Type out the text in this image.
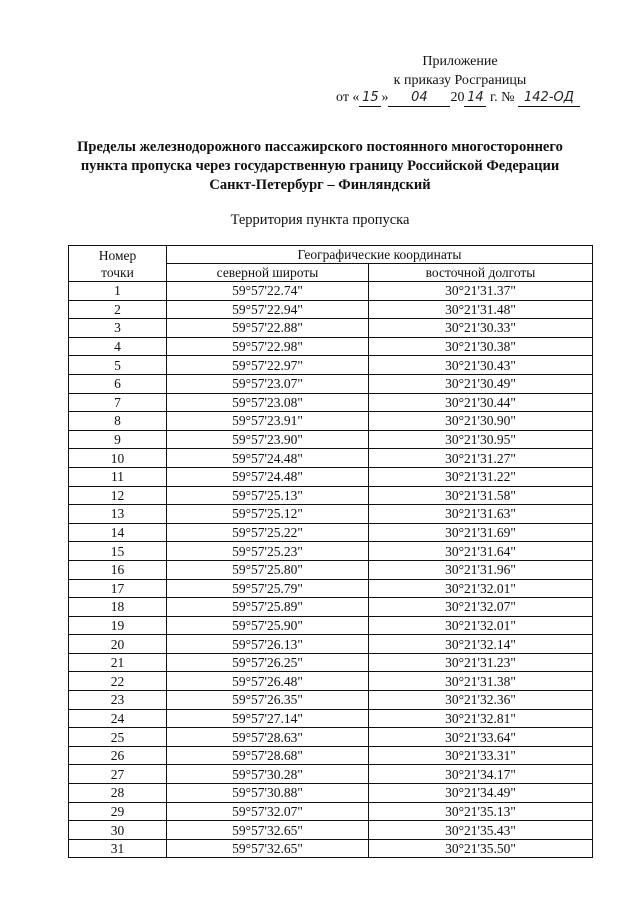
Приложение
к приказу Росграницы
от « 15 » 04 20 14 г. № 142-ОД
Пределы железнодорожного пассажирского постоянного многостороннего
пункта пропуска через государственную границу Российской Федерации
Санкт-Петербург – Финляндский
Территория пункта пропуска
Номер
точки	Географические координаты	
	северной широты	восточной долготы
1	59°57'22.74"	30°21'31.37"
2	59°57'22.94"	30°21'31.48"
3	59°57'22.88"	30°21'30.33"
4	59°57'22.98"	30°21'30.38"
5	59°57'22.97"	30°21'30.43"
6	59°57'23.07"	30°21'30.49"
7	59°57'23.08"	30°21'30.44"
8	59°57'23.91"	30°21'30.90"
9	59°57'23.90"	30°21'30.95"
10	59°57'24.48"	30°21'31.27"
11	59°57'24.48"	30°21'31.22"
12	59°57'25.13"	30°21'31.58"
13	59°57'25.12"	30°21'31.63"
14	59°57'25.22"	30°21'31.69"
15	59°57'25.23"	30°21'31.64"
16	59°57'25.80"	30°21'31.96"
17	59°57'25.79"	30°21'32.01"
18	59°57'25.89"	30°21'32.07"
19	59°57'25.90"	30°21'32.01"
20	59°57'26.13"	30°21'32.14"
21	59°57'26.25"	30°21'31.23"
22	59°57'26.48"	30°21'31.38"
23	59°57'26.35"	30°21'32.36"
24	59°57'27.14"	30°21'32.81"
25	59°57'28.63"	30°21'33.64"
26	59°57'28.68"	30°21'33.31"
27	59°57'30.28"	30°21'34.17"
28	59°57'30.88"	30°21'34.49"
29	59°57'32.07"	30°21'35.13"
30	59°57'32.65"	30°21'35.43"
31	59°57'32.65"	30°21'35.50"
